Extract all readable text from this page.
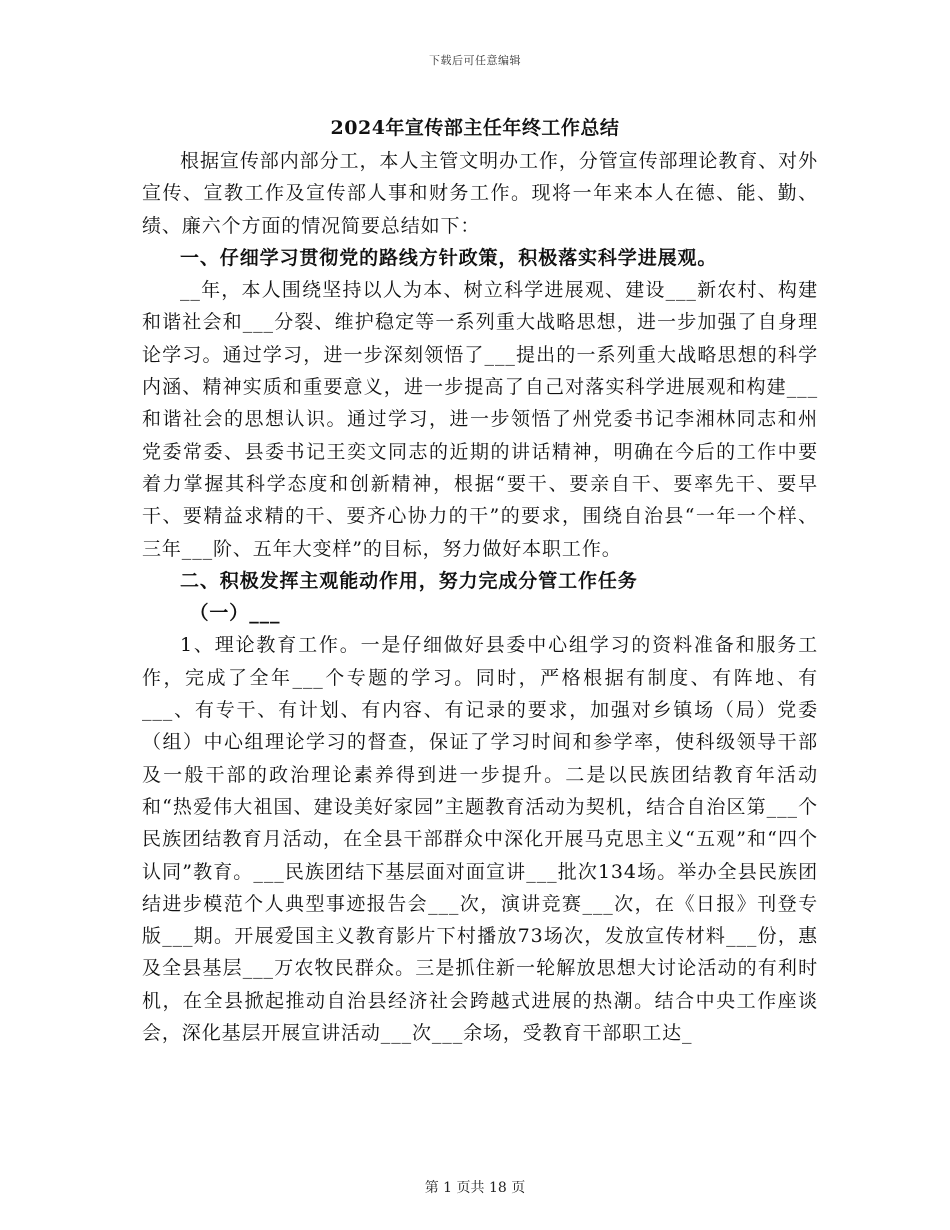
下载后可任意编辑
2024年宣传部主任年终工作总结

根据宣传部内部分工，本人主管文明办工作，分管宣传部理论教育、对外宣传、宣教工作及宣传部人事和财务工作。现将一年来本人在德、能、勤、绩、廉六个方面的情况简要总结如下：

一、仔细学习贯彻党的路线方针政策，积极落实科学进展观。

__年，本人围绕坚持以人为本、树立科学进展观、建设___新农村、构建和谐社会和___分裂、维护稳定等一系列重大战略思想，进一步加强了自身理论学习。通过学习，进一步深刻领悟了___提出的一系列重大战略思想的科学内涵、精神实质和重要意义，进一步提高了自己对落实科学进展观和构建___和谐社会的思想认识。通过学习，进一步领悟了州党委书记李湘林同志和州党委常委、县委书记王奕文同志的近期的讲话精神，明确在今后的工作中要着力掌握其科学态度和创新精神，根据“要干、要亲自干、要率先干、要早干、要精益求精的干、要齐心协力的干”的要求，围绕自治县“一年一个样、三年___阶、五年大变样”的目标，努力做好本职工作。

二、积极发挥主观能动作用，努力完成分管工作任务

（一）___

1、理论教育工作。一是仔细做好县委中心组学习的资料准备和服务工作，完成了全年___个专题的学习。同时，严格根据有制度、有阵地、有___、有专干、有计划、有内容、有记录的要求，加强对乡镇场（局）党委（组）中心组理论学习的督查，保证了学习时间和参学率，使科级领导干部及一般干部的政治理论素养得到进一步提升。二是以民族团结教育年活动和“热爱伟大祖国、建设美好家园”主题教育活动为契机，结合自治区第___个民族团结教育月活动，在全县干部群众中深化开展马克思主义“五观”和“四个认同”教育。___民族团结下基层面对面宣讲___批次134场。举办全县民族团结进步模范个人典型事迹报告会___次，演讲竞赛___次，在《日报》刊登专版___期。开展爱国主义教育影片下村播放73场次，发放宣传材料___份，惠及全县基层___万农牧民群众。三是抓住新一轮解放思想大讨论活动的有利时机，在全县掀起推动自治县经济社会跨越式进展的热潮。结合中央工作座谈会，深化基层开展宣讲活动___次___余场，受教育干部职工达_

第 1 页共 18 页
